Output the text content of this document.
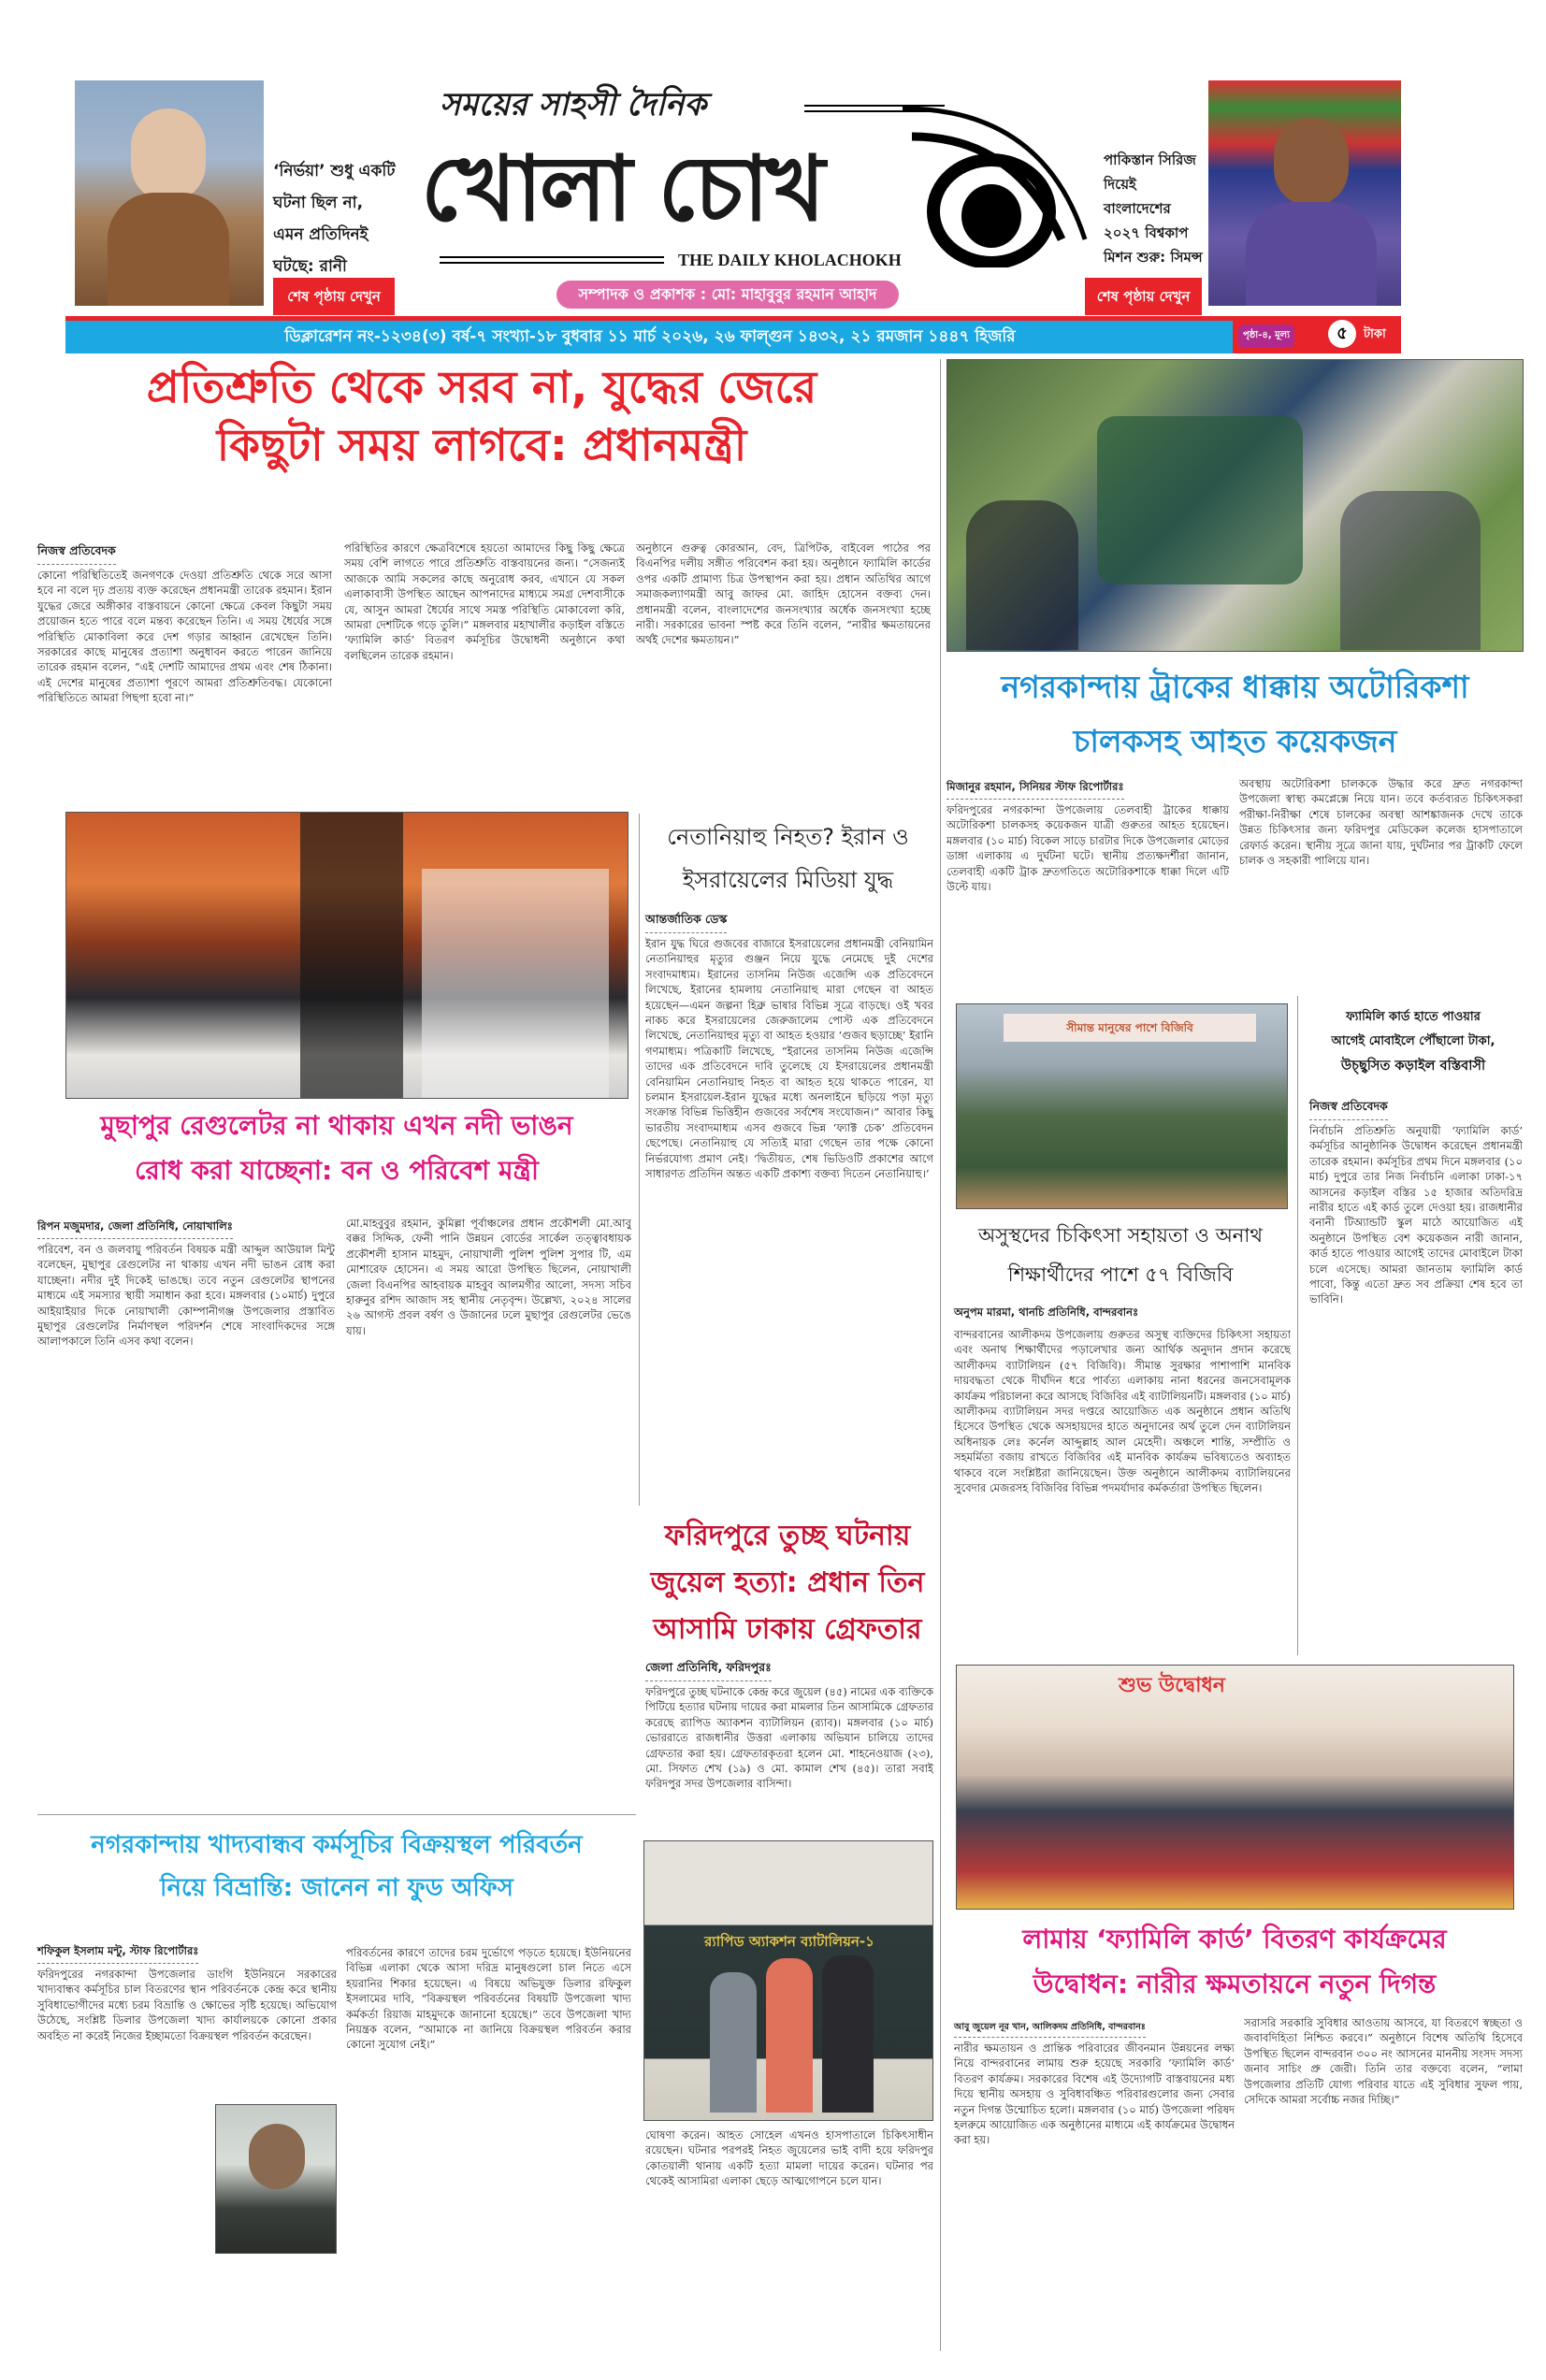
‘নির্ভয়া’ শুধু একটি
ঘটনা ছিল না,
এমন প্রতিদিনই
ঘটছে: রানী
শেষ পৃষ্ঠায় দেখুন
সময়ের সাহসী দৈনিক
খোলা চোখ
THE DAILY KHOLACHOKH
সম্পাদক ও প্রকাশক : মো: মাহাবুবুর রহমান আহাদ
পাকিস্তান সিরিজ
দিয়েই
বাংলাদেশের
২০২৭ বিশ্বকাপ
মিশন শুরু: সিমন্স
শেষ পৃষ্ঠায় দেখুন
ডিক্লারেশন নং-১২৩৪(৩) বর্ষ-৭ সংখ্যা-১৮ বুধবার ১১ মার্চ ২০২৬, ২৬ ফাল্গুন ১৪৩২, ২১ রমজান ১৪৪৭ হিজরি	পৃষ্ঠা-৪, মূল্য	৫	টাকা
প্রতিশ্রুতি থেকে সরব না, যুদ্ধের জেরে
কিছুটা সময় লাগবে: প্রধানমন্ত্রী
নিজস্ব প্রতিবেদক
কোনো পরিস্থিতিতেই জনগণকে দেওয়া প্রতিশ্রুতি থেকে সরে আসা হবে না বলে দৃঢ় প্রত্যয় ব্যক্ত করেছেন প্রধানমন্ত্রী তারেক রহমান। ইরান যুদ্ধের জেরে অঙ্গীকার বাস্তবায়নে কোনো ক্ষেত্রে কেবল কিছুটা সময় প্রয়োজন হতে পারে বলে মন্তব্য করেছেন তিনি। এ সময় ধৈর্যের সঙ্গে পরিস্থিতি মোকাবিলা করে দেশ গড়ার আহ্বান রেখেছেন তিনি। সরকারের কাছে মানুষের প্রত্যাশা অনুধাবন করতে পারেন জানিয়ে তারেক রহমান বলেন, “এই দেশটি আমাদের প্রথম এবং শেষ ঠিকানা। এই দেশের মানুষের প্রত্যাশা পূরণে আমরা প্রতিশ্রুতিবদ্ধ। যেকোনো পরিস্থিতিতে আমরা পিছপা হবো না।”
পরিস্থিতির কারণে ক্ষেত্রবিশেষে হয়তো আমাদের কিছু কিছু ক্ষেত্রে সময় বেশি লাগতে পারে প্রতিশ্রুতি বাস্তবায়নের জন্য। “সেজন্যই আজকে আমি সকলের কাছে অনুরোধ করব, এখানে যে সকল এলাকাবাসী উপস্থিত আছেন আপনাদের মাধ্যমে সমগ্র দেশবাসীকে যে, আসুন আমরা ধৈর্যের সাথে সমস্ত পরিস্থিতি মোকাবেলা করি, আমরা দেশটিকে গড়ে তুলি।” মঙ্গলবার মহাখালীর কড়াইল বস্তিতে ‘ফ্যামিলি কার্ড’ বিতরণ কর্মসূচির উদ্বোধনী অনুষ্ঠানে কথা বলছিলেন তারেক রহমান।
অনুষ্ঠানে গুরুত্ব কোরআন, বেদ, ত্রিপিটক, বাইবেল পাঠের পর বিএনপির দলীয় সঙ্গীত পরিবেশন করা হয়। অনুষ্ঠানে ফ্যামিলি কার্ডের ওপর একটি প্রামাণ্য চিত্র উপস্থাপন করা হয়। প্রধান অতিথির আগে সমাজকল্যাণমন্ত্রী আবু জাফর মো. জাহিদ হোসেন বক্তব্য দেন। প্রধানমন্ত্রী বলেন, বাংলাদেশের জনসংখ্যার অর্ধেক জনসংখ্যা হচ্ছে নারী। সরকারের ভাবনা স্পষ্ট করে তিনি বলেন, “নারীর ক্ষমতায়নের অর্থই দেশের ক্ষমতায়ন।”
নগরকান্দায় ট্রাকের ধাক্কায় অটোরিকশা
চালকসহ আহত কয়েকজন
মিজানুর রহমান, সিনিয়র স্টাফ রিপোর্টারঃ
ফরিদপুরের নগরকান্দা উপজেলায় তেলবাহী ট্রাকের ধাক্কায় অটোরিকশা চালকসহ কয়েকজন যাত্রী গুরুতর আহত হয়েছেন। মঙ্গলবার (১০ মার্চ) বিকেল সাড়ে চারটার দিকে উপজেলার মোড়ের ডাঙ্গা এলাকায় এ দুর্ঘটনা ঘটে। স্থানীয় প্রত্যক্ষদর্শীরা জানান, তেলবাহী একটি ট্রাক দ্রুতগতিতে অটোরিকশাকে ধাক্কা দিলে এটি উল্টে যায়।
অবস্থায় অটোরিকশা চালককে উদ্ধার করে দ্রুত নগরকান্দা উপজেলা স্বাস্থ্য কমপ্লেক্সে নিয়ে যান। তবে কর্তব্যরত চিকিৎসকরা পরীক্ষা-নিরীক্ষা শেষে চালকের অবস্থা আশঙ্কাজনক দেখে তাকে উন্নত চিকিৎসার জন্য ফরিদপুর মেডিকেল কলেজ হাসপাতালে রেফার্ড করেন। স্থানীয় সূত্রে জানা যায়, দুর্ঘটনার পর ট্রাকটি ফেলে চালক ও সহকারী পালিয়ে যান।
মুছাপুর রেগুলেটর না থাকায় এখন নদী ভাঙন
রোধ করা যাচ্ছেনা: বন ও পরিবেশ মন্ত্রী
রিপন মজুমদার, জেলা প্রতিনিধি, নোয়াখালিঃ
পরিবেশ, বন ও জলবায়ু পরিবর্তন বিষয়ক মন্ত্রী আব্দুল আউয়াল মিন্টু বলেছেন, মুছাপুর রেগুলেটর না থাকায় এখন নদী ভাঙন রোধ করা যাচ্ছেনা। নদীর দুই দিকেই ভাঙছে। তবে নতুন রেগুলেটর স্থাপনের মাধ্যমে এই সমস্যার স্থায়ী সমাধান করা হবে। মঙ্গলবার (১০মার্চ) দুপুরে আইয়াইয়ার দিকে নোয়াখালী কোম্পানীগঞ্জ উপজেলার প্রস্তাবিত মুছাপুর রেগুলেটর নির্মাণস্থল পরিদর্শন শেষে সাংবাদিকদের সঙ্গে আলাপকালে তিনি এসব কথা বলেন।
মো.মাহবুবুর রহমান, কুমিল্লা পূর্বাঞ্চলের প্রধান প্রকৌশলী মো.আবু বক্কর সিদ্দিক, ফেনী পানি উন্নয়ন বোর্ডের সার্কেল তত্ত্বাবধায়ক প্রকৌশলী হাসান মাহমুদ, নোয়াখালী পুলিশ পুলিশ সুপার টি, এম মোশারেফ হোসেন। এ সময় আরো উপস্থিত ছিলেন, নোয়াখালী জেলা বিএনপির আহবায়ক মাহবুব আলমগীর আলো, সদস্য সচিব হারুনুর রশিদ আজাদ সহ স্থানীয় নেতৃবৃন্দ। উল্লেখ্য, ২০২৪ সালের ২৬ আগস্ট প্রবল বর্ষণ ও উজানের ঢলে মুছাপুর রেগুলেটর ভেঙে যায়।
নেতানিয়াহু নিহত? ইরান ও
ইসরায়েলের মিডিয়া যুদ্ধ
আন্তর্জাতিক ডেস্ক
ইরান যুদ্ধ ঘিরে গুজবের বাজারে ইসরায়েলের প্রধানমন্ত্রী বেনিয়ামিন নেতানিয়াহুর মৃত্যুর গুঞ্জন নিয়ে যুদ্ধে নেমেছে দুই দেশের সংবাদমাধ্যম। ইরানের তাসনিম নিউজ এজেন্সি এক প্রতিবেদনে লিখেছে, ইরানের হামলায় নেতানিয়াহু মারা গেছেন বা আহত হয়েছেন—এমন জল্পনা হিব্রু ভাষার বিভিন্ন সূত্রে বাড়ছে। ওই খবর নাকচ করে ইসরায়েলের জেরুজালেম পোস্ট এক প্রতিবেদনে লিখেছে, নেতানিয়াহুর মৃত্যু বা আহত হওয়ার ‘গুজব ছড়াচ্ছে’ ইরানি গণমাধ্যম। পত্রিকাটি লিখেছে, “ইরানের তাসনিম নিউজ এজেন্সি তাদের এক প্রতিবেদনে দাবি তুলেছে যে ইসরায়েলের প্রধানমন্ত্রী বেনিয়ামিন নেতানিয়াহু নিহত বা আহত হয়ে থাকতে পারেন, যা চলমান ইসরায়েল-ইরান যুদ্ধের মধ্যে অনলাইনে ছড়িয়ে পড়া মৃত্যু সংক্রান্ত বিভিন্ন ভিত্তিহীন গুজবের সর্বশেষ সংযোজন।” আবার কিছু ভারতীয় সংবাদমাধ্যম এসব গুজবে ভিন্ন ‘ফ্যাক্ট চেক’ প্রতিবেদন ছেপেছে। নেতানিয়াহু যে সত্যিই মারা গেছেন তার পক্ষে কোনো নির্ভরযোগ্য প্রমাণ নেই। ‘দ্বিতীয়ত, শেষ ভিডিওটি প্রকাশের আগে সাধারণত প্রতিদিন অন্তত একটি প্রকাশ্য বক্তব্য দিতেন নেতানিয়াহু।’
ফরিদপুরে তুচ্ছ ঘটনায়
জুয়েল হত্যা: প্রধান তিন
আসামি ঢাকায় গ্রেফতার
জেলা প্রতিনিধি, ফরিদপুরঃ
ফরিদপুরে তুচ্ছ ঘটনাকে কেন্দ্র করে জুয়েল (৪৫) নামের এক ব্যক্তিকে পিটিয়ে হত্যার ঘটনায় দায়ের করা মামলার তিন আসামিকে গ্রেফতার করেছে র‍্যাপিড অ্যাকশন ব্যাটালিয়ন (র‍্যাব)। মঙ্গলবার (১০ মার্চ) ভোররাতে রাজধানীর উত্তরা এলাকায় অভিযান চালিয়ে তাদের গ্রেফতার করা হয়। গ্রেফতারকৃতরা হলেন মো. শাহনেওয়াজ (২৩), মো. সিফাত শেখ (১৯) ও মো. কামাল শেখ (৪৫)। তারা সবাই ফরিদপুর সদর উপজেলার বাসিন্দা।
র‍্যাপিড অ্যাকশন ব্যাটালিয়ন-১
ঘোষণা করেন। আহত সোহেল এখনও হাসপাতালে চিকিৎসাধীন রয়েছেন। ঘটনার পরপরই নিহত জুয়েলের ভাই বাদী হয়ে ফরিদপুর কোতয়ালী থানায় একটি হত্যা মামলা দায়ের করেন। ঘটনার পর থেকেই আসামিরা এলাকা ছেড়ে আত্মগোপনে চলে যান।
সীমান্ত মানুষের পাশে বিজিবি
অসুস্থদের চিকিৎসা সহায়তা ও অনাথ
শিক্ষার্থীদের পাশে ৫৭ বিজিবি
অনুপম মারমা, থানচি প্রতিনিধি, বান্দরবানঃ
বান্দরবানের আলীকদম উপজেলায় গুরুতর অসুস্থ ব্যক্তিদের চিকিৎসা সহায়তা এবং অনাথ শিক্ষার্থীদের পড়ালেখার জন্য আর্থিক অনুদান প্রদান করেছে আলীকদম ব্যাটালিয়ন (৫৭ বিজিবি)। সীমান্ত সুরক্ষার পাশাপাশি মানবিক দায়বদ্ধতা থেকে দীর্ঘদিন ধরে পার্বত্য এলাকায় নানা ধরনের জনসেবামূলক কার্যক্রম পরিচালনা করে আসছে বিজিবির এই ব্যাটালিয়নটি। মঙ্গলবার (১০ মার্চ) আলীকদম ব্যাটালিয়ন সদর দপ্তরে আয়োজিত এক অনুষ্ঠানে প্রধান অতিথি হিসেবে উপস্থিত থেকে অসহায়দের হাতে অনুদানের অর্থ তুলে দেন ব্যাটালিয়ন অধিনায়ক লেঃ কর্নেল আব্দুল্লাহ আল মেহেদী। অঞ্চলে শান্তি, সম্প্রীতি ও সহমর্মিতা বজায় রাখতে বিজিবির এই মানবিক কার্যক্রম ভবিষ্যতেও অব্যাহত থাকবে বলে সংশ্লিষ্টরা জানিয়েছেন। উক্ত অনুষ্ঠানে আলীকদম ব্যাটালিয়নের সুবেদার মেজরসহ বিজিবির বিভিন্ন পদমর্যাদার কর্মকর্তারা উপস্থিত ছিলেন।
ফ্যামিলি কার্ড হাতে পাওয়ার
আগেই মোবাইলে পৌঁছালো টাকা,
উচ্ছ্বসিত কড়াইল বস্তিবাসী
নিজস্ব প্রতিবেদক
নির্বাচনি প্রতিশ্রুতি অনুযায়ী ‘ফ্যামিলি কার্ড’ কর্মসূচির আনুষ্ঠানিক উদ্বোধন করেছেন প্রধানমন্ত্রী তারেক রহমান। কর্মসূচির প্রথম দিনে মঙ্গলবার (১০ মার্চ) দুপুরে তার নিজ নির্বাচনি এলাকা ঢাকা-১৭ আসনের কড়াইল বস্তির ১৫ হাজার অতিদরিদ্র নারীর হাতে এই কার্ড তুলে দেওয়া হয়। রাজধানীর বনানী টিঅ্যান্ডটি স্কুল মাঠে আয়োজিত এই অনুষ্ঠানে উপস্থিত বেশ কয়েকজন নারী জানান, কার্ড হাতে পাওয়ার আগেই তাদের মোবাইলে টাকা চলে এসেছে। আমরা জানতাম ফ্যামিলি কার্ড পাবো, কিন্তু এতো দ্রুত সব প্রক্রিয়া শেষ হবে তা ভাবিনি।
শুভ উদ্বোধন
লামায় ‘ফ্যামিলি কার্ড’ বিতরণ কার্যক্রমের
উদ্বোধন: নারীর ক্ষমতায়নে নতুন দিগন্ত
আবু জুয়েল নূর খান, আলিকদম প্রতিনিধি, বান্দরবানঃ
নারীর ক্ষমতায়ন ও প্রান্তিক পরিবারের জীবনমান উন্নয়নের লক্ষ্য নিয়ে বান্দরবানের লামায় শুরু হয়েছে সরকারি ‘ফ্যামিলি কার্ড’ বিতরণ কার্যক্রম। সরকারের বিশেষ এই উদ্যোগটি বাস্তবায়নের মধ্য দিয়ে স্থানীয় অসহায় ও সুবিধাবঞ্চিত পরিবারগুলোর জন্য সেবার নতুন দিগন্ত উন্মোচিত হলো। মঙ্গলবার (১০ মার্চ) উপজেলা পরিষদ হলরুমে আয়োজিত এক অনুষ্ঠানের মাধ্যমে এই কার্যক্রমের উদ্বোধন করা হয়।
সরাসরি সরকারি সুবিধার আওতায় আসবে, যা বিতরণে স্বচ্ছতা ও জবাবদিহিতা নিশ্চিত করবে।” অনুষ্ঠানে বিশেষ অতিথি হিসেবে উপস্থিত ছিলেন বান্দরবান ৩০০ নং আসনের মাননীয় সংসদ সদস্য জনাব সাচিং প্রু জেরী। তিনি তার বক্তব্যে বলেন, “লামা উপজেলার প্রতিটি যোগ্য পরিবার যাতে এই সুবিধার সুফল পায়, সেদিকে আমরা সর্বোচ্চ নজর দিচ্ছি।”
নগরকান্দায় খাদ্যবান্ধব কর্মসূচির বিক্রয়স্থল পরিবর্তন
নিয়ে বিভ্রান্তি: জানেন না ফুড অফিস
শফিকুল ইসলাম মন্টু, স্টাফ রিপোর্টারঃ
ফরিদপুরের নগরকান্দা উপজেলার ডাংগি ইউনিয়নে সরকারের খাদ্যবান্ধব কর্মসূচির চাল বিতরণের স্থান পরিবর্তনকে কেন্দ্র করে স্থানীয় সুবিধাভোগীদের মধ্যে চরম বিভ্রান্তি ও ক্ষোভের সৃষ্টি হয়েছে। অভিযোগ উঠেছে, সংশ্লিষ্ট ডিলার উপজেলা খাদ্য কার্যালয়কে কোনো প্রকার অবহিত না করেই নিজের ইচ্ছামতো বিক্রয়স্থল পরিবর্তন করেছেন।
পরিবর্তনের কারণে তাদের চরম দুর্ভোগে পড়তে হয়েছে। ইউনিয়নের বিভিন্ন এলাকা থেকে আসা দরিদ্র মানুষগুলো চাল নিতে এসে হয়রানির শিকার হয়েছেন। এ বিষয়ে অভিযুক্ত ডিলার রফিকুল ইসলামের দাবি, “বিক্রয়স্থল পরিবর্তনের বিষয়টি উপজেলা খাদ্য কর্মকর্তা রিয়াজ মাহমুদকে জানানো হয়েছে।” তবে উপজেলা খাদ্য নিয়ন্ত্রক বলেন, “আমাকে না জানিয়ে বিক্রয়স্থল পরিবর্তন করার কোনো সুযোগ নেই।”
